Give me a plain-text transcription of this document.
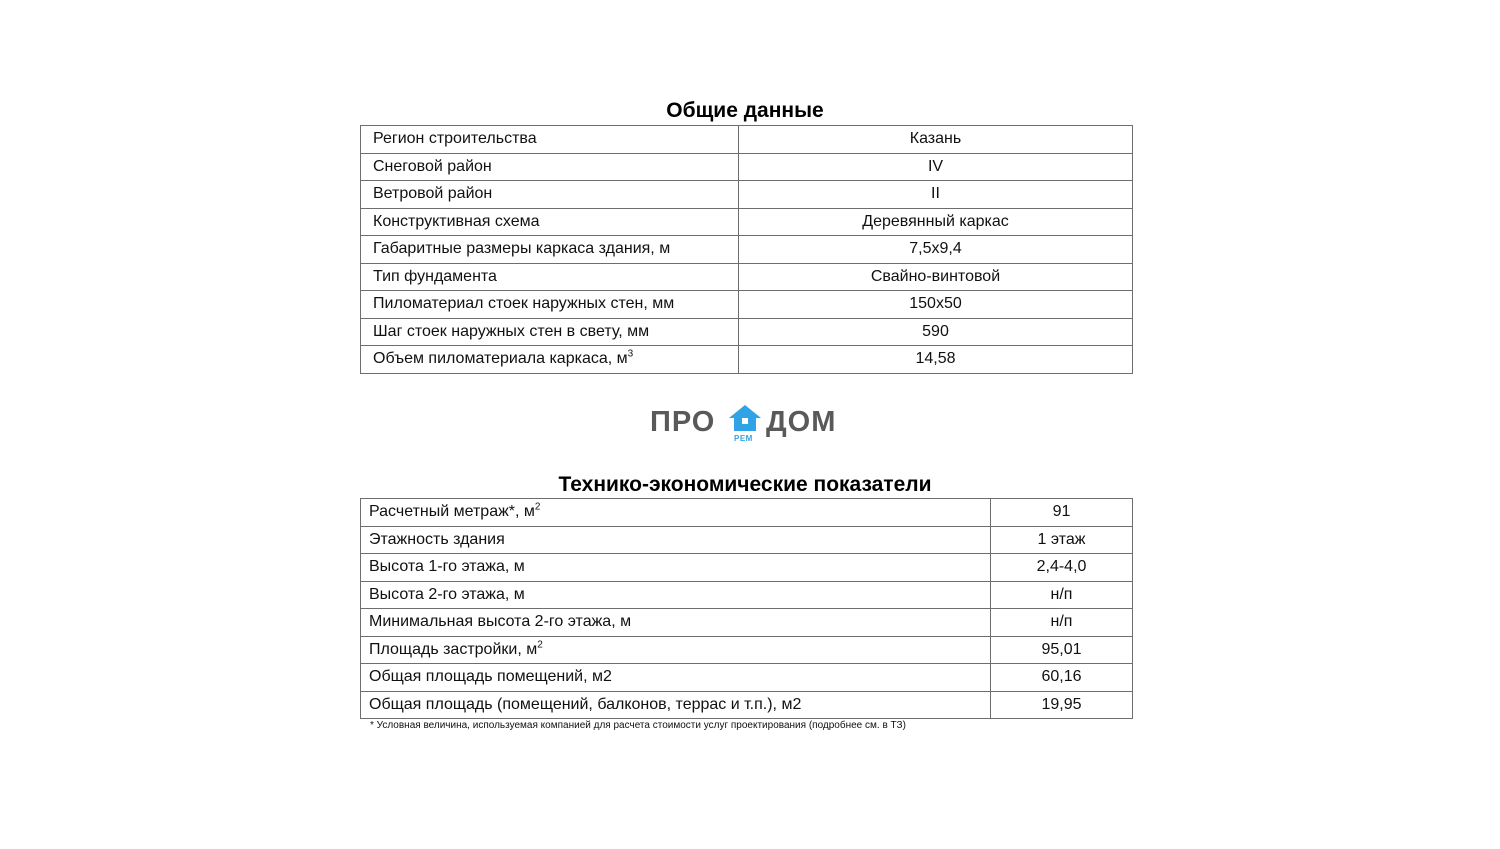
Общие данные
Регион строительства	Казань
Снеговой район	IV
Ветровой район	II
Конструктивная схема	Деревянный каркас
Габаритные размеры каркаса здания, м	7,5x9,4
Тип фундамента	Свайно-винтовой
Пиломатериал стоек наружных стен, мм	150x50
Шаг стоек наружных стен в свету, мм	590
Объем пиломатериала каркаса, $м^3$	14,58
ПРО
РЕМ
ДОМ
Технико-экономические показатели
Расчетный метраж*, $м^2$	91
Этажность здания	1 этаж
Высота 1-го этажа, м	2,4-4,0
Высота 2-го этажа, м	н/п
Минимальная высота 2-го этажа, м	н/п
Площадь застройки, $м^2$	95,01
Общая площадь помещений, м2	60,16
Общая площадь (помещений, балконов, террас и т.п.), м2	19,95
* Условная величина, используемая компанией для расчета стоимости услуг проектирования (подробнее см. в ТЗ)
